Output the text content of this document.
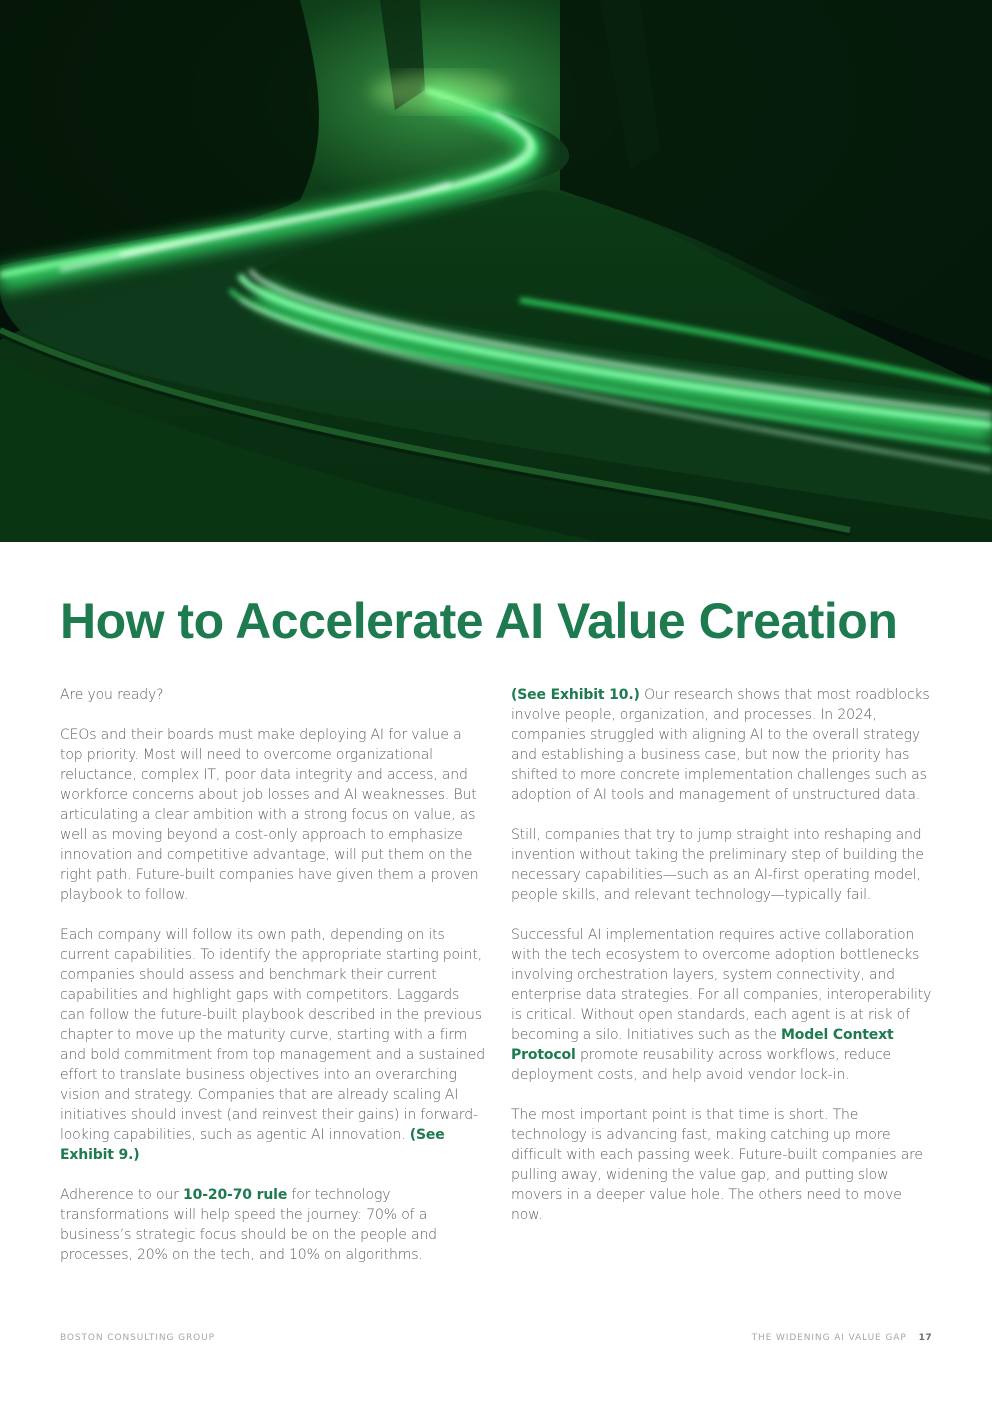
How to Accelerate AI Value Creation

Are you ready?

CEOs and their boards must make deploying AI for value a top priority. Most will need to overcome organizational reluctance, complex IT, poor data integrity and access, and workforce concerns about job losses and AI weaknesses. But articulating a clear ambition with a strong focus on value, as well as moving beyond a cost-only approach to emphasize innovation and competitive advantage, will put them on the right path. Future-built companies have given them a proven playbook to follow.

Each company will follow its own path, depending on its current capabilities. To identify the appropriate starting point, companies should assess and benchmark their current capabilities and highlight gaps with competitors. Laggards can follow the future-built playbook described in the previous chapter to move up the maturity curve, starting with a firm and bold commitment from top management and a sustained effort to translate business objectives into an overarching vision and strategy. Companies that are already scaling AI initiatives should invest (and reinvest their gains) in forward-looking capabilities, such as agentic AI innovation. (See Exhibit 9.)

Adherence to our 10-20-70 rule for technology transformations will help speed the journey: 70% of a business’s strategic focus should be on the people and processes, 20% on the tech, and 10% on algorithms.

(See Exhibit 10.) Our research shows that most roadblocks involve people, organization, and processes. In 2024, companies struggled with aligning AI to the overall strategy and establishing a business case, but now the priority has shifted to more concrete implementation challenges such as adoption of AI tools and management of unstructured data.

Still, companies that try to jump straight into reshaping and invention without taking the preliminary step of building the necessary capabilities—such as an AI-first operating model, people skills, and relevant technology—typically fail.

Successful AI implementation requires active collaboration with the tech ecosystem to overcome adoption bottlenecks involving orchestration layers, system connectivity, and enterprise data strategies. For all companies, interoperability is critical. Without open standards, each agent is at risk of becoming a silo. Initiatives such as the Model Context Protocol promote reusability across workflows, reduce deployment costs, and help avoid vendor lock-in.

The most important point is that time is short. The technology is advancing fast, making catching up more difficult with each passing week. Future-built companies are pulling away, widening the value gap, and putting slow movers in a deeper value hole. The others need to move now.

BOSTON CONSULTING GROUP	THE WIDENING AI VALUE GAP 17
